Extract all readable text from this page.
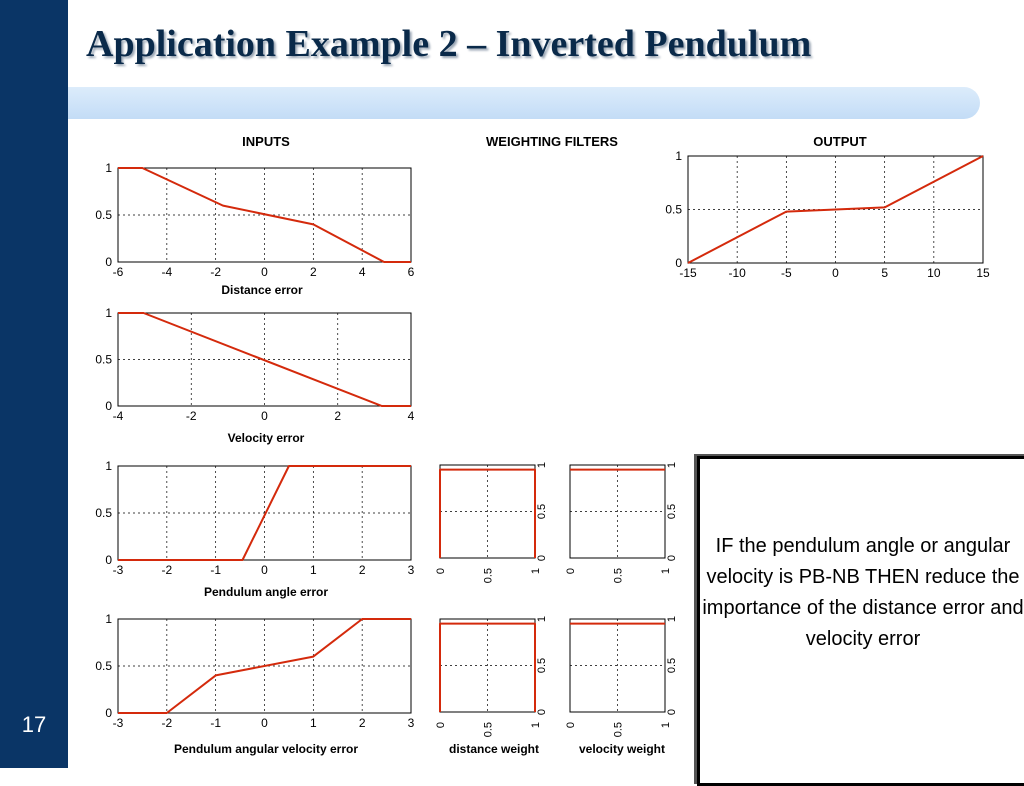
17
Application Example 2 – Inverted Pendulum
INPUTS	WEIGHTING FILTERS	OUTPUT
-6	-4	-2	0	2	4	6
0
0.5
1
-4	-2	0	2	4
0
0.5
1
-3	-2	-1	0	1	2	3
0
0.5
1
-3	-2	-1	0	1	2	3
0
0.5
1
-15	-10	-5	0	5	10	15
0
0.5
1
0
0.5
1
0	0.5	1
0
0.5
1
0	0.5	1
0
0.5
1
0	0.5	1
0
0.5
1
0	0.5	1
Distance error
Velocity error
Pendulum angle error
Pendulum angular velocity error	distance weight	velocity weight
IF the pendulum angle or angular velocity is PB-NB THEN reduce the importance of the distance error and velocity error
